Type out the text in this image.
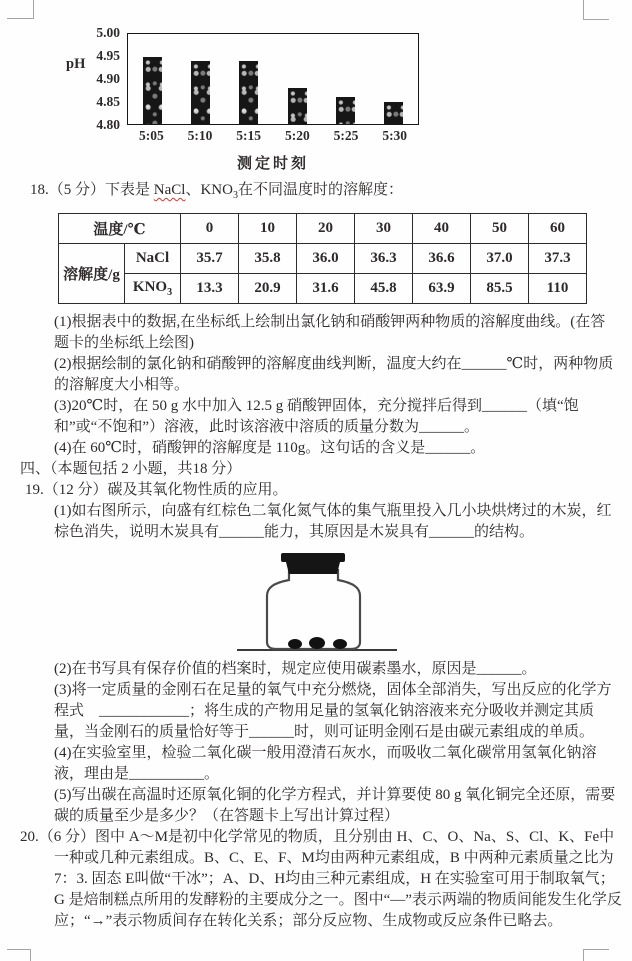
pH
5.00
4.95
4.90
4.85
4.80
5:05	5:10	5:15	5:20	5:25	5:30
测定时刻

18.（5 分）下表是 NaCl、$KNO_3$在不同温度时的溶解度：

温度/℃		0	10	20	30	40	50	60
溶解度/g	NaCl	35.7	35.8	36.0	36.3	36.6	37.0	37.3
	$KNO_3$	13.3	20.9	31.6	45.8	63.9	85.5	110

(1)根据表中的数据,在坐标纸上绘制出氯化钠和硝酸钾两种物质的溶解度曲线。(在答题卡的坐标纸上绘图)

(2)根据绘制的氯化钠和硝酸钾的溶解度曲线判断，温度大约在______℃时，两种物质的溶解度大小相等。

(3)20℃时，在 50 g 水中加入 12.5 g 硝酸钾固体，充分搅拌后得到______（填“饱和”或“不饱和”）溶液，此时该溶液中溶质的质量分数为______。

(4)在 60℃时，硝酸钾的溶解度是 110g。这句话的含义是______。

四、（本题包括 2 小题，共18 分）

19.（12 分）碳及其氧化物性质的应用。

(1)如右图所示，向盛有红棕色二氧化氮气体的集气瓶里投入几小块烘烤过的木炭，红棕色消失，说明木炭具有______能力，其原因是木炭具有______的结构。

(2)在书写具有保存价值的档案时，规定应使用碳素墨水，原因是______。

(3)将一定质量的金刚石在足量的氧气中充分燃烧，固体全部消失，写出反应的化学方程式　____________；将生成的产物用足量的氢氧化钠溶液来充分吸收并测定其质量，当金刚石的质量恰好等于______时，则可证明金刚石是由碳元素组成的单质。

(4)在实验室里，检验二氧化碳一般用澄清石灰水，而吸收二氧化碳常用氢氧化钠溶液，理由是__________。

(5)写出碳在高温时还原氧化铜的化学方程式，并计算要使 80 g 氧化铜完全还原，需要碳的质量至少是多少？（在答题卡上写出计算过程）

20.（6 分）图中 A～M是初中化学常见的物质，且分别由 H、C、O、Na、S、Cl、K、Fe中一种或几种元素组成。B、C、E、F、M均由两种元素组成，B 中两种元素质量之比为 7：3. 固态 E叫做“干冰”；A、D、H均由三种元素组成，H 在实验室可用于制取氧气；G 是焙制糕点所用的发酵粉的主要成分之一。图中“—”表示两端的物质间能发生化学反应；“→”表示物质间存在转化关系；部分反应物、生成物或反应条件已略去。
